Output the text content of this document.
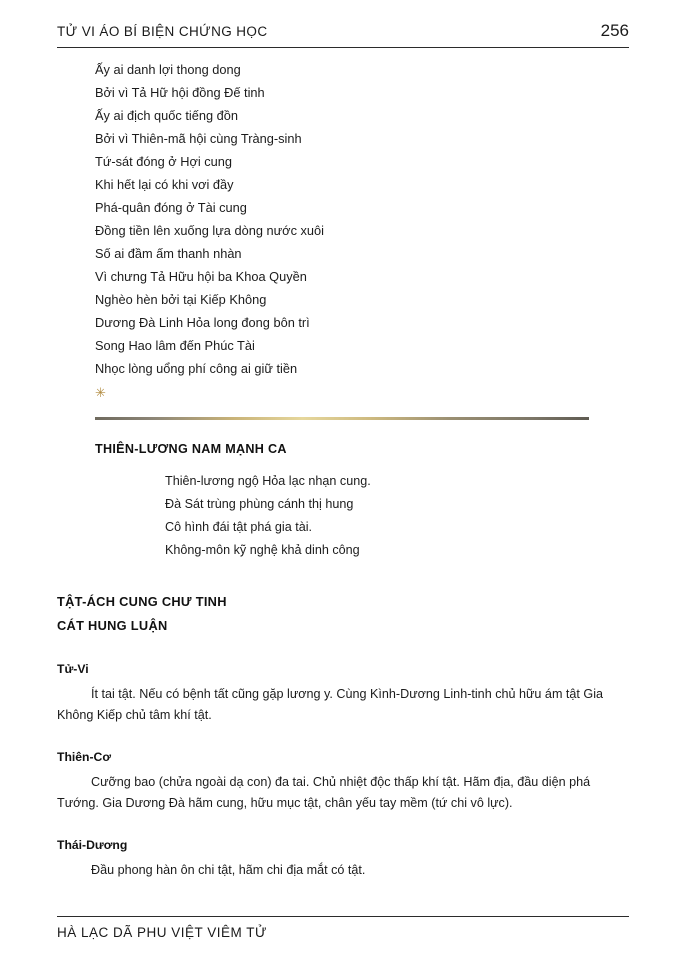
TỬ VI ÁO BÍ BIỆN CHỨNG HỌC	256
Ấy ai danh lợi thong dong
Bởi vì Tả Hữ hội đồng Đế tinh
Ấy ai địch quốc tiếng đồn
Bởi vì Thiên-mã hội cùng Tràng-sinh
Tứ-sát đóng ở Hợi cung
Khi hết lại có khi vơi đầy
Phá-quân đóng ở Tài cung
Đồng tiền lên xuống lựa dòng nước xuôi
Số ai đầm ấm thanh nhàn
Vì chưng Tả Hữu hội ba Khoa Quyền
Nghèo hèn bởi tại Kiếp Không
Dương Đà Linh Hỏa long đong bôn trì
Song Hao lâm đến Phúc Tài
Nhọc lòng uổng phí công ai giữ tiền
✳
THIÊN-LƯƠNG NAM MẠNH CA
Thiên-lương ngộ Hỏa lạc nhạn cung.
Đà Sát trùng phùng cánh thị hung
Cô hình đái tật phá gia tài.
Không-môn kỹ nghệ khả dinh công
TẬT-ÁCH CUNG CHƯ TINH
CÁT HUNG LUẬN
Tử-Vi
Ít tai tật. Nếu có bệnh tất cũng gặp lương y. Cùng Kình-Dương Linh-tinh chủ hữu ám tật Gia Không Kiếp chủ tâm khí tật.
Thiên-Cơ
Cưỡng bao (chửa ngoài dạ con) đa tai. Chủ nhiệt độc thấp khí tật. Hãm địa, đầu diện phá Tướng. Gia Dương Đà hãm cung, hữu mục tật, chân yếu tay mềm (tứ chi vô lực).
Thái-Dương
Đầu phong hàn ôn chi tật, hãm chi địa mắt có tật.
HÀ LẠC DÃ PHU VIỆT VIÊM TỬ
